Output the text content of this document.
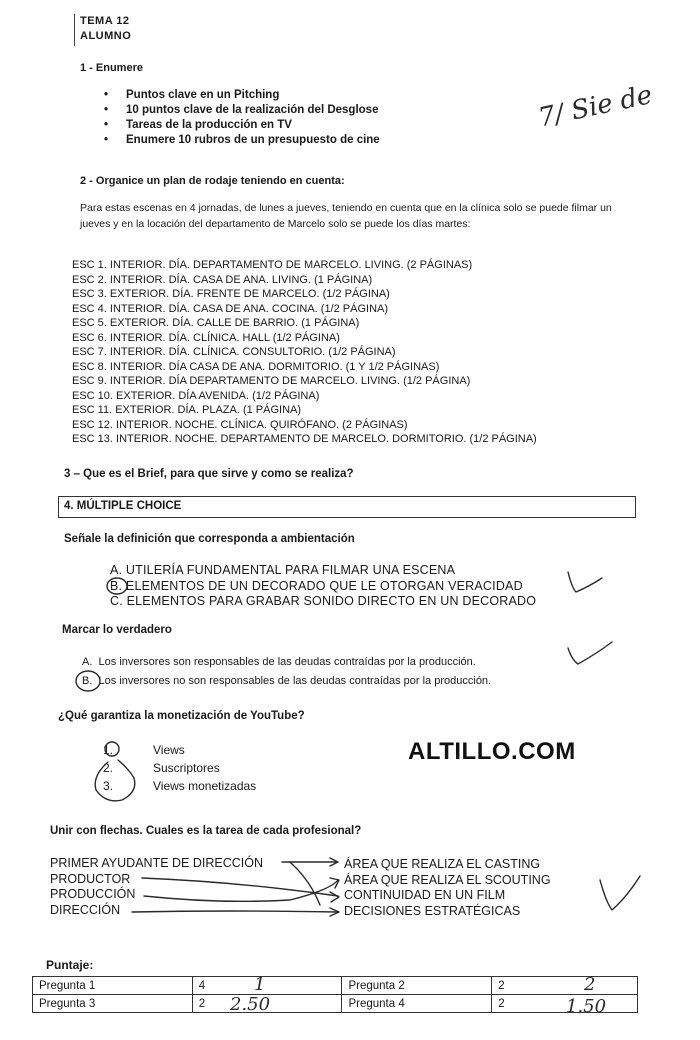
TEMA 12
ALUMNO
1 - Enumere
• Puntos clave en un Pitching
• 10 puntos clave de la realización del Desglose
• Tareas de la producción en TV
• Enumere 10 rubros de un presupuesto de cine
2 - Organice un plan de rodaje teniendo en cuenta:
Para estas escenas en 4 jornadas, de lunes a jueves, teniendo en cuenta que en la clínica solo se puede filmar un jueves y en la locación del departamento de Marcelo solo se puede los días martes:
ESC 1. INTERIOR. DÍA. DEPARTAMENTO DE MARCELO. LIVING. (2 PÁGINAS)
ESC 2. INTERIOR. DÍA. CASA DE ANA. LIVING. (1 PÁGINA)
ESC 3. EXTERIOR. DÍA. FRENTE DE MARCELO. (1/2 PÁGINA)
ESC 4. INTERIOR. DÍA. CASA DE ANA. COCINA. (1/2 PÁGINA)
ESC 5. EXTERIOR. DÍA. CALLE DE BARRIO. (1 PÁGINA)
ESC 6. INTERIOR. DÍA. CLÍNICA. HALL (1/2 PÁGINA)
ESC 7. INTERIOR. DÍA. CLÍNICA. CONSULTORIO. (1/2 PÁGINA)
ESC 8. INTERIOR. DÍA CASA DE ANA. DORMITORIO. (1 Y 1/2 PÁGINAS)
ESC 9. INTERIOR. DÍA DEPARTAMENTO DE MARCELO. LIVING. (1/2 PÁGINA)
ESC 10. EXTERIOR. DÍA AVENIDA. (1/2 PÁGINA)
ESC 11. EXTERIOR. DÍA. PLAZA. (1 PÁGINA)
ESC 12. INTERIOR. NOCHE. CLÍNICA. QUIRÓFANO. (2 PÁGINAS)
ESC 13. INTERIOR. NOCHE. DEPARTAMENTO DE MARCELO. DORMITORIO. (1/2 PÁGINA)
3 – Que es el Brief, para que sirve y como se realiza?
4. MÚLTIPLE CHOICE
Señale la definición que corresponda a ambientación
A. UTILERÍA FUNDAMENTAL PARA FILMAR UNA ESCENA
B. ELEMENTOS DE UN DECORADO QUE LE OTORGAN VERACIDAD
C. ELEMENTOS PARA GRABAR SONIDO DIRECTO EN UN DECORADO
Marcar lo verdadero
A. Los inversores son responsables de las deudas contraídas por la producción.
B. Los inversores no son responsables de las deudas contraídas por la producción.
¿Qué garantiza la monetización de YouTube?
1.
2.
3.
Views
Suscriptores
Views monetizadas
ALTILLO.COM
Unir con flechas. Cuales es la tarea de cada profesional?
PRIMER AYUDANTE DE DIRECCIÓN
PRODUCTOR
PRODUCCIÓN
DIRECCIÓN
ÁREA QUE REALIZA EL CASTING
ÁREA QUE REALIZA EL SCOUTING
CONTINUIDAD EN UN FILM
DECISIONES ESTRATÉGICAS
Puntaje:
Pregunta 1	4	Pregunta 2	2
Pregunta 3	2	Pregunta 4	2
7/ Sie de
1	2
2.50	1.50
